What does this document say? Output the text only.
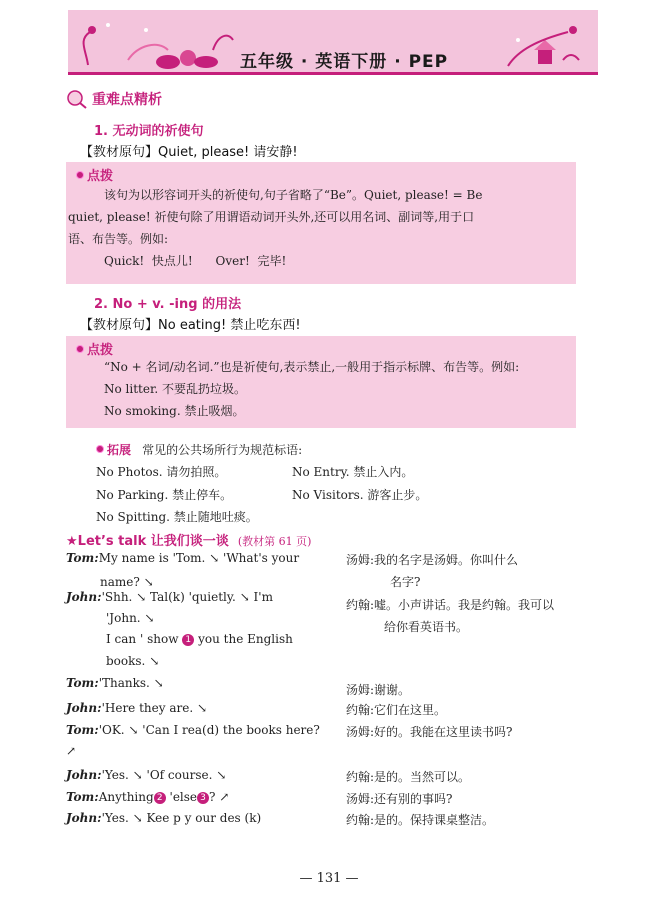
五年级 · 英语下册 · PEP
重难点精析
1. 无动词的祈使句
【教材原句】Quiet, please! 请安静!
点拨
该句为以形容词开头的祈使句,句子省略了“Be”。Quiet, please! = Be
quiet, please! 祈使句除了用谓语动词开头外,还可以用名词、副词等,用于口
语、布告等。例如:
Quick!  快点儿!      Over!  完毕!
2. No + v. -ing 的用法
【教材原句】No eating! 禁止吃东西!
点拨
“No + 名词/动名词.”也是祈使句,表示禁止,一般用于指示标牌、布告等。例如:
No litter. 不要乱扔垃圾。
No smoking. 禁止吸烟。
拓展 常见的公共场所行为规范标语:
No Photos. 请勿拍照。	No Entry. 禁止入内。
No Parking. 禁止停车。	No Visitors. 游客止步。
No Spitting. 禁止随地吐痰。
★Let’s talk 让我们谈一谈 (教材第 61 页)
Tom:My name is 'Tom. ↘ 'What's your
name? ↘
John:'Shh. ↘ Tal(k) 'quietly. ↘ I'm
'John. ↘
I can ' show 1 you the English
books. ↘
Tom:'Thanks. ↘
John:'Here they are. ↘
Tom:'OK. ↘ 'Can I rea(d) the books here?
↗
John:'Yes. ↘ 'Of course. ↘
Tom:Anything 2 'else 3 ? ↗
John:'Yes. ↘ Kee p y our des (k)
汤姆:我的名字是汤姆。你叫什么
名字?
约翰:嘘。小声讲话。我是约翰。我可以
给你看英语书。
汤姆:谢谢。
约翰:它们在这里。
汤姆:好的。我能在这里读书吗?
约翰:是的。当然可以。
汤姆:还有别的事吗?
约翰:是的。保持课桌整洁。
— 131 —
